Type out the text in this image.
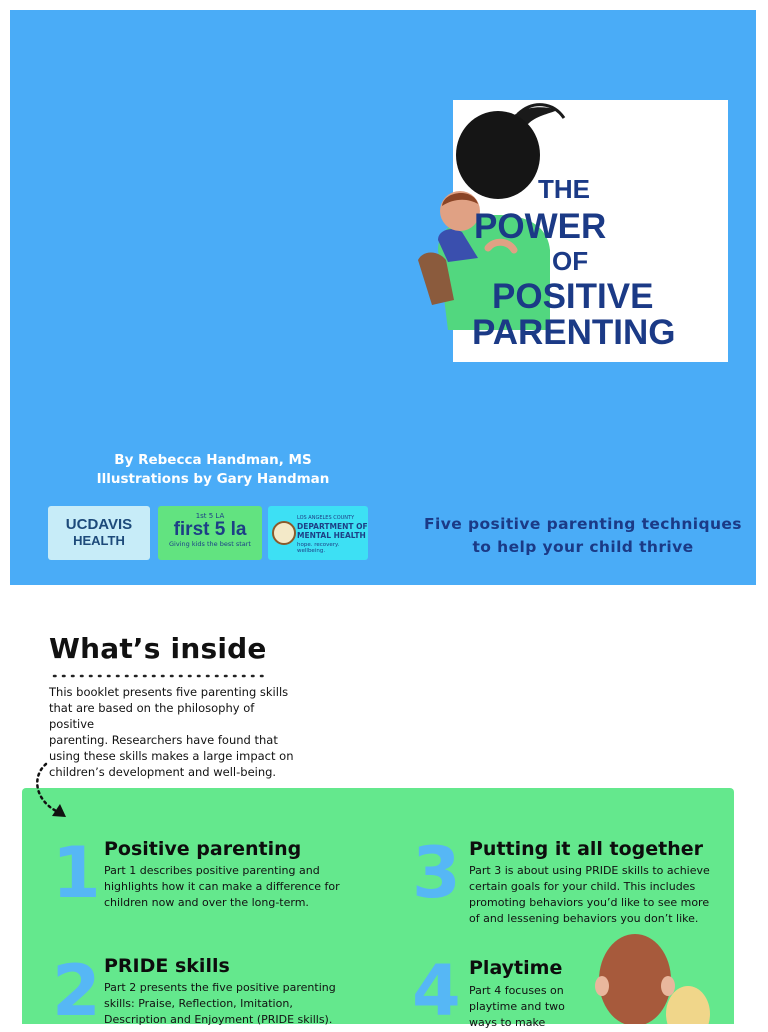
THE
POWER
OF
POSITIVE
PARENTING
By Rebecca Handman, MS
Illustrations by Gary Handman
UCDAVIS
HEALTH
1st 5 LA
first 5 la
Giving kids the best start
LOS ANGELES COUNTY
DEPARTMENT OF
MENTAL HEALTH
hope. recovery. wellbeing.
Five positive parenting techniques
to help your child thrive
What’s inside
This booklet presents five parenting skills
that are based on the philosophy of positive
parenting. Researchers have found that
using these skills makes a large impact on
children’s development and well-being.
1 Positive parenting
Part 1 describes positive parenting and
highlights how it can make a difference for
children now and over the long-term.
2 PRIDE skills
Part 2 presents the five positive parenting
skills: Praise, Reflection, Imitation,
Description and Enjoyment (PRIDE skills).
3 Putting it all together
Part 3 is about using PRIDE skills to achieve
certain goals for your child. This includes
promoting behaviors you’d like to see more
of and lessening behaviors you don’t like.
4 Playtime
Part 4 focuses on
playtime and two
ways to make
